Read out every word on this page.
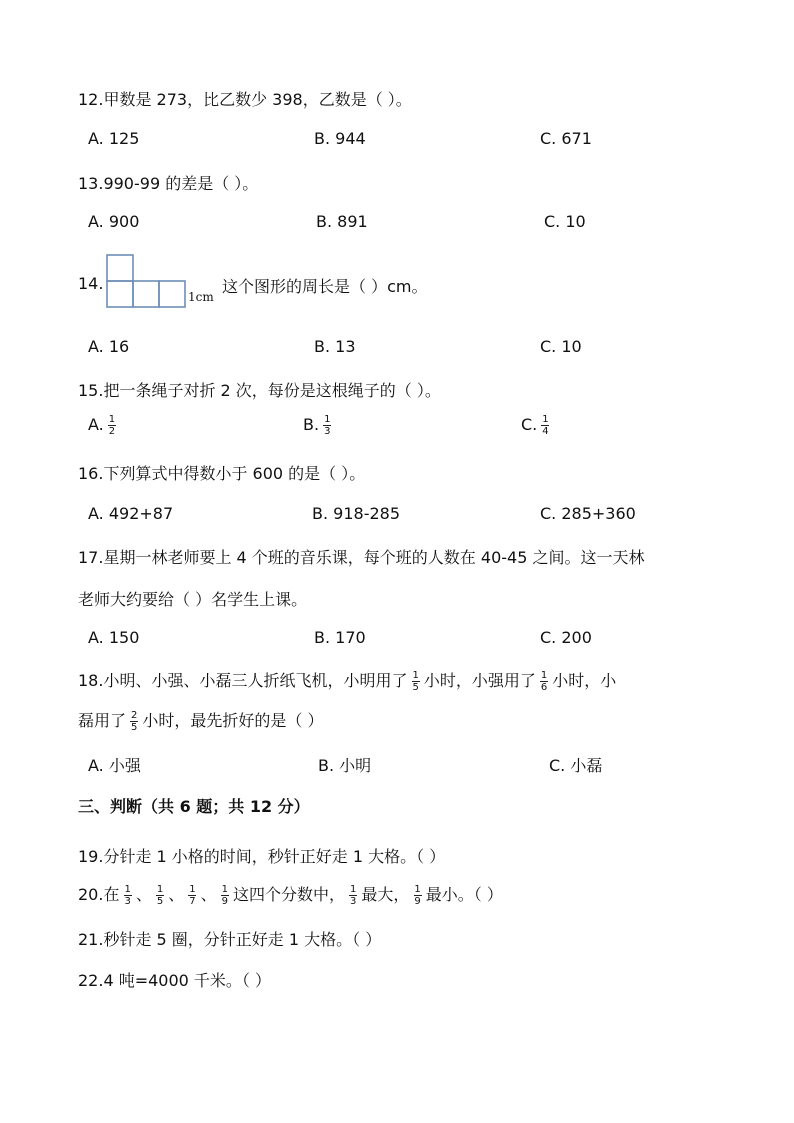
12.甲数是 273，比乙数少 398，乙数是（ ）。
A. 125	B. 944	C. 671
13.990-99 的差是（ ）。
A. 900	B. 891	C. 10
14.
1cm
这个图形的周长是（ ）cm。
A. 16	B. 13	C. 10
15.把一条绳子对折 2 次，每份是这根绳子的（ ）。
A. $\frac{1}{2}$	B. $\frac{1}{3}$	C. $\frac{1}{4}$
16.下列算式中得数小于 600 的是（ ）。
A. 492+87	B. 918-285	C. 285+360
17.星期一林老师要上 4 个班的音乐课，每个班的人数在 40-45 之间。这一天林
老师大约要给（ ）名学生上课。
A. 150	B. 170	C. 200
18.小明、小强、小磊三人折纸飞机，小明用了 $\frac{1}{5}$ 小时，小强用了 $\frac{1}{6}$ 小时，小
磊用了 $\frac{2}{5}$ 小时，最先折好的是（ ）
A. 小强	B. 小明	C. 小磊
三、判断（共 6 题；共 12 分）
19.分针走 1 小格的时间，秒针正好走 1 大格。（ ）
20.在 $\frac{1}{3}$ 、 $\frac{1}{5}$ 、 $\frac{1}{7}$ 、 $\frac{1}{9}$ 这四个分数中， $\frac{1}{3}$ 最大， $\frac{1}{9}$ 最小。（ ）
21.秒针走 5 圈，分针正好走 1 大格。（ ）
22.4 吨=4000 千米。（ ）
